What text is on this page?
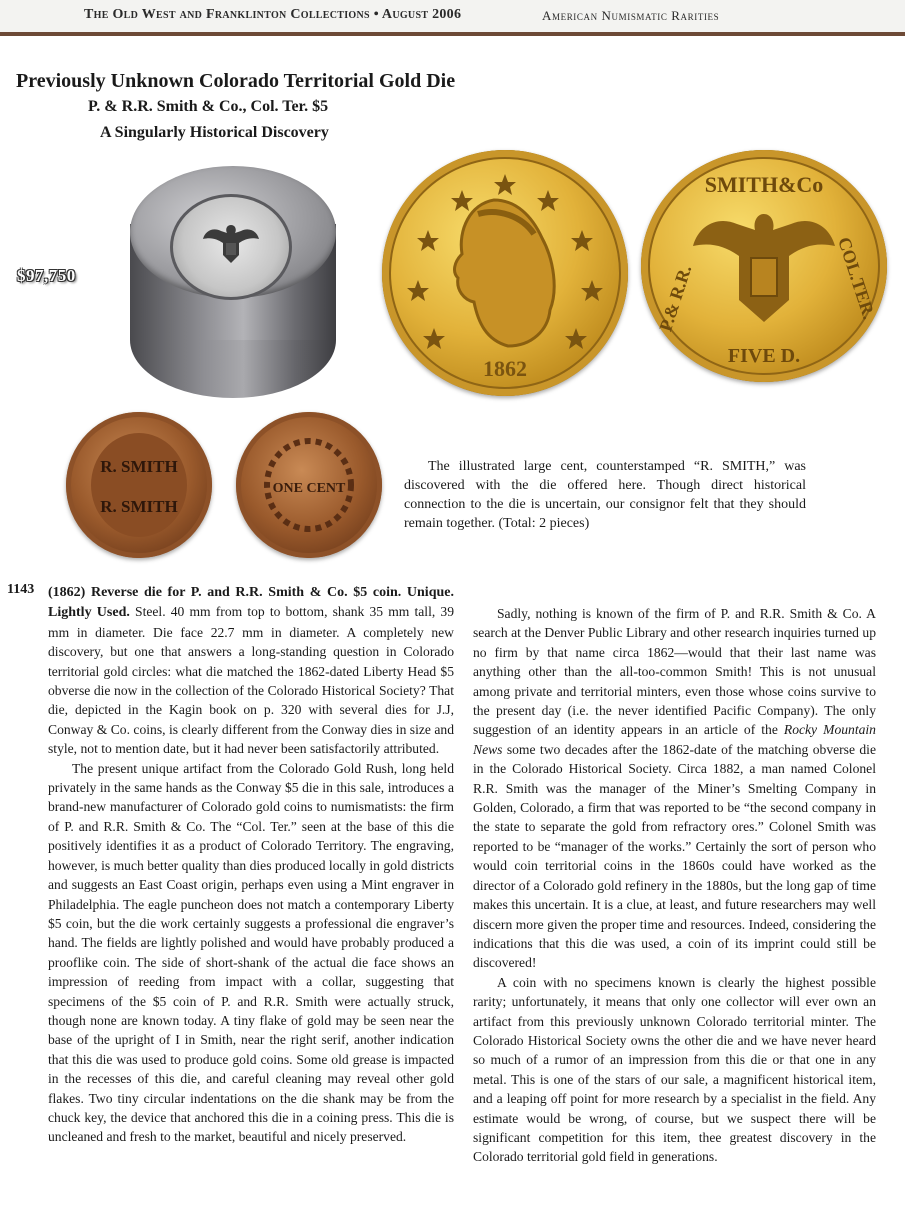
The Old West and Franklinton Collections • August 2006	American Numismatic Rarities
Previously Unknown Colorado Territorial Gold Die
P. & R.R. Smith & Co., Col. Ter. $5
A Singularly Historical Discovery
$97,750
1862
SMITH&Co
P.& R.R.	COL.TER.
FIVE D.
R. SMITH
R. SMITH
ONE CENT
The illustrated large cent, counterstamped “R. SMITH,” was discovered with the die offered here. Though direct historical connection to the die is uncertain, our consignor felt that they should remain together. (Total: 2 pieces)
1143 (1862) Reverse die for P. and R.R. Smith & Co. $5 coin. Unique. Lightly Used. Steel. 40 mm from top to bottom, shank 35 mm tall, 39 mm in diameter. Die face 22.7 mm in diameter. A completely new discovery, but one that answers a long-standing question in Colorado territorial gold circles: what die matched the 1862-dated Liberty Head $5 obverse die now in the collection of the Colorado Historical Society? That die, depicted in the Kagin book on p. 320 with several dies for J.J, Conway & Co. coins, is clearly different from the Conway dies in size and style, not to mention date, but it had never been satisfactorily attributed.

The present unique artifact from the Colorado Gold Rush, long held privately in the same hands as the Conway $5 die in this sale, introduces a brand-new manufacturer of Colorado gold coins to numismatists: the firm of P. and R.R. Smith & Co. The “Col. Ter.” seen at the base of this die positively identifies it as a product of Colorado Territory. The engraving, however, is much better quality than dies produced locally in gold districts and suggests an East Coast origin, perhaps even using a Mint engraver in Philadelphia. The eagle puncheon does not match a contemporary Liberty $5 coin, but the die work certainly suggests a professional die engraver’s hand. The fields are lightly polished and would have probably produced a prooflike coin. The side of short-shank of the actual die face shows an impression of reeding from impact with a collar, suggesting that specimens of the $5 coin of P. and R.R. Smith were actually struck, though none are known today. A tiny flake of gold may be seen near the base of the upright of I in Smith, near the right serif, another indication that this die was used to produce gold coins. Some old grease is impacted in the recesses of this die, and careful cleaning may reveal other gold flakes. Two tiny circular indentations on the die shank may be from the chuck key, the device that anchored this die in a coining press. This die is uncleaned and fresh to the market, beautiful and nicely preserved.

Sadly, nothing is known of the firm of P. and R.R. Smith & Co. A search at the Denver Public Library and other research inquiries turned up no firm by that name circa 1862—would that their last name was anything other than the all-too-common Smith! This is not unusual among private and territorial minters, even those whose coins survive to the present day (i.e. the never identified Pacific Company). The only suggestion of an identity appears in an article of the Rocky Mountain News some two decades after the 1862-date of the matching obverse die in the Colorado Historical Society. Circa 1882, a man named Colonel R.R. Smith was the manager of the Miner’s Smelting Company in Golden, Colorado, a firm that was reported to be “the second company in the state to separate the gold from refractory ores.” Colonel Smith was reported to be “manager of the works.” Certainly the sort of person who would coin territorial coins in the 1860s could have worked as the director of a Colorado gold refinery in the 1880s, but the long gap of time makes this uncertain. It is a clue, at least, and future researchers may well discern more given the proper time and resources. Indeed, considering the indications that this die was used, a coin of its imprint could still be discovered!

A coin with no specimens known is clearly the highest possible rarity; unfortunately, it means that only one collector will ever own an artifact from this previously unknown Colorado territorial minter. The Colorado Historical Society owns the other die and we have never heard so much of a rumor of an impression from this die or that one in any metal. This is one of the stars of our sale, a magnificent historical item, and a leaping off point for more research by a specialist in the field. Any estimate would be wrong, of course, but we suspect there will be significant competition for this item, thee greatest discovery in the Colorado territorial gold field in generations.
